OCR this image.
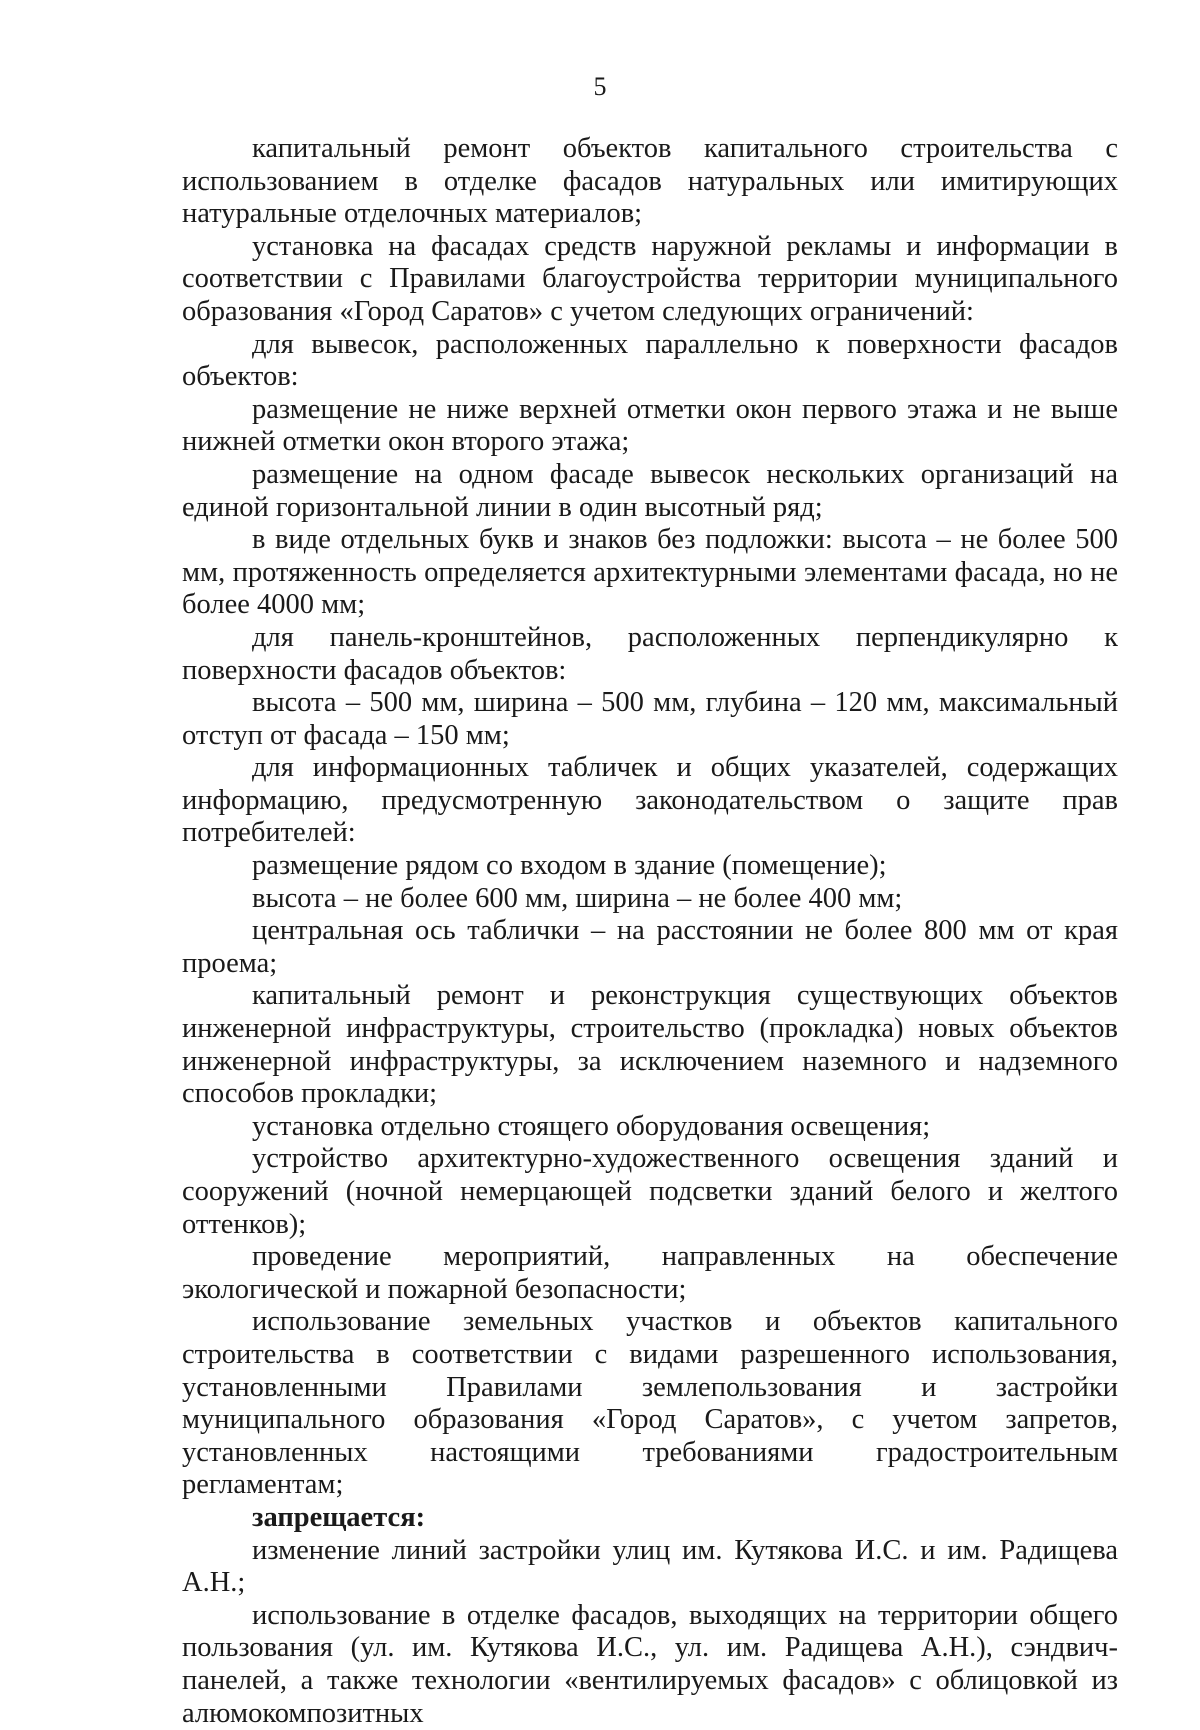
5

капитальный ремонт объектов капитального строительства с использованием в отделке фасадов натуральных или имитирующих натуральные отделочных материалов;

установка на фасадах средств наружной рекламы и информации в соответствии с Правилами благоустройства территории муниципального образования «Город Саратов» с учетом следующих ограничений:

для вывесок, расположенных параллельно к поверхности фасадов объектов:

размещение не ниже верхней отметки окон первого этажа и не выше нижней отметки окон второго этажа;

размещение на одном фасаде вывесок нескольких организаций на единой горизонтальной линии в один высотный ряд;

в виде отдельных букв и знаков без подложки: высота – не более 500 мм, протяженность определяется архитектурными элементами фасада, но не более 4000 мм;

для панель-кронштейнов, расположенных перпендикулярно к поверхности фасадов объектов:

высота – 500 мм, ширина – 500 мм, глубина – 120 мм, максимальный отступ от фасада – 150 мм;

для информационных табличек и общих указателей, содержащих информацию, предусмотренную законодательством о защите прав потребителей:

размещение рядом со входом в здание (помещение);

высота – не более 600 мм, ширина – не более 400 мм;

центральная ось таблички – на расстоянии не более 800 мм от края проема;

капитальный ремонт и реконструкция существующих объектов инженерной инфраструктуры, строительство (прокладка) новых объектов инженерной инфраструктуры, за исключением наземного и надземного способов прокладки;

установка отдельно стоящего оборудования освещения;

устройство архитектурно-художественного освещения зданий и сооружений (ночной немерцающей подсветки зданий белого и желтого оттенков);

проведение мероприятий, направленных на обеспечение экологической и пожарной безопасности;

использование земельных участков и объектов капитального строительства в соответствии с видами разрешенного использования, установленными Правилами землепользования и застройки муниципального образования «Город Саратов», с учетом запретов, установленных настоящими требованиями градостроительным регламентам;

запрещается:

изменение линий застройки улиц им. Кутякова И.С. и им. Радищева А.Н.;

использование в отделке фасадов, выходящих на территории общего пользования (ул. им. Кутякова И.С., ул. им. Радищева А.Н.), сэндвич-панелей, а также технологии «вентилируемых фасадов» с облицовкой из алюмокомпозитных
